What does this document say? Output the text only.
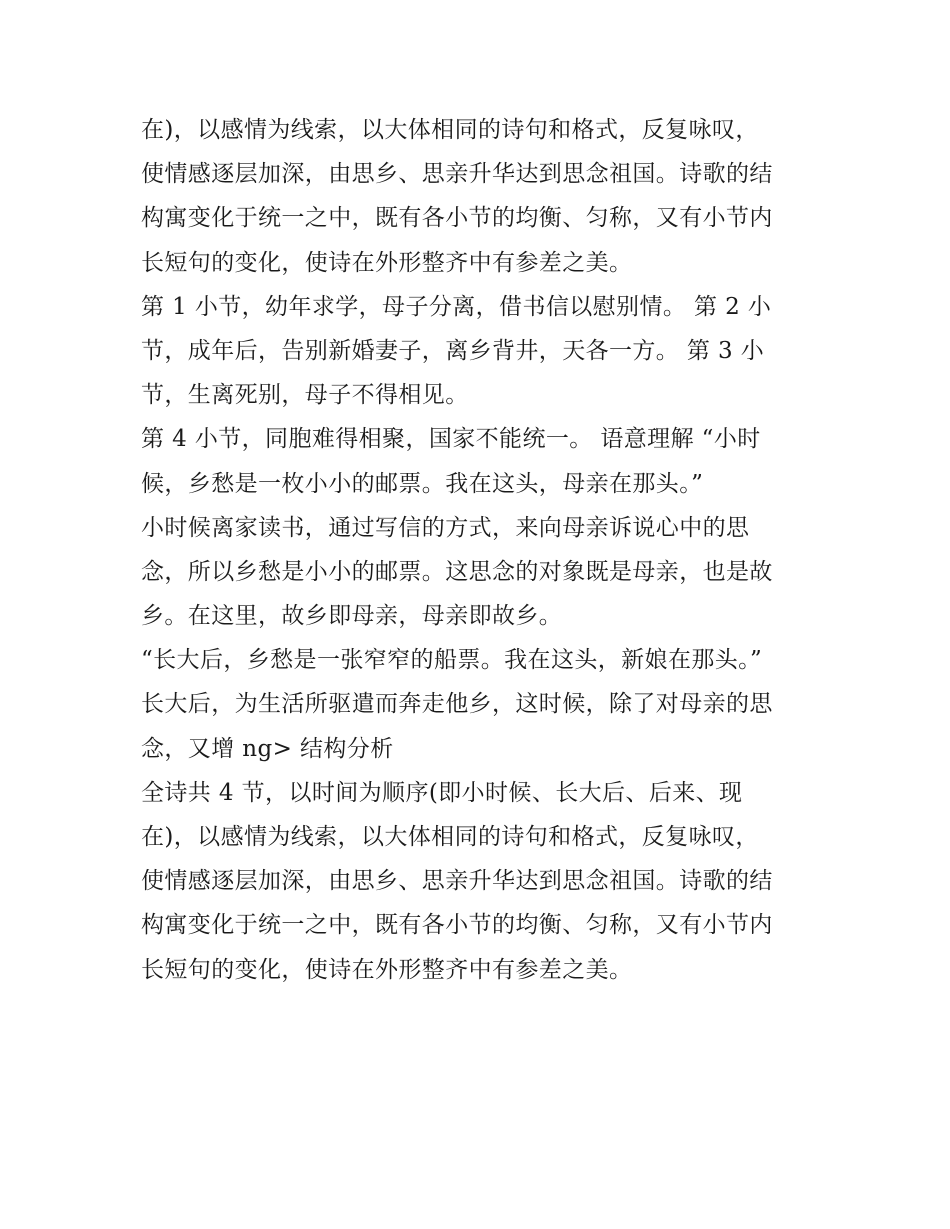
在)，以感情为线索，以大体相同的诗句和格式，反复咏叹，
使情感逐层加深，由思乡、思亲升华达到思念祖国。诗歌的结
构寓变化于统一之中，既有各小节的均衡、匀称，又有小节内
长短句的变化，使诗在外形整齐中有参差之美。
第 1 小节，幼年求学，母子分离，借书信以慰别情。 第 2 小
节，成年后，告别新婚妻子，离乡背井，天各一方。 第 3 小
节，生离死别，母子不得相见。
第 4 小节，同胞难得相聚，国家不能统一。 语意理解 “小时
候，乡愁是一枚小小的邮票。我在这头，母亲在那头。”
小时候离家读书，通过写信的方式，来向母亲诉说心中的思
念，所以乡愁是小小的邮票。这思念的对象既是母亲，也是故
乡。在这里，故乡即母亲，母亲即故乡。
“长大后，乡愁是一张窄窄的船票。我在这头，新娘在那头。”
长大后，为生活所驱遣而奔走他乡，这时候，除了对母亲的思
念，又增 ng> 结构分析
全诗共 4 节，以时间为顺序(即小时候、长大后、后来、现
在)，以感情为线索，以大体相同的诗句和格式，反复咏叹，
使情感逐层加深，由思乡、思亲升华达到思念祖国。诗歌的结
构寓变化于统一之中，既有各小节的均衡、匀称，又有小节内
长短句的变化，使诗在外形整齐中有参差之美。
